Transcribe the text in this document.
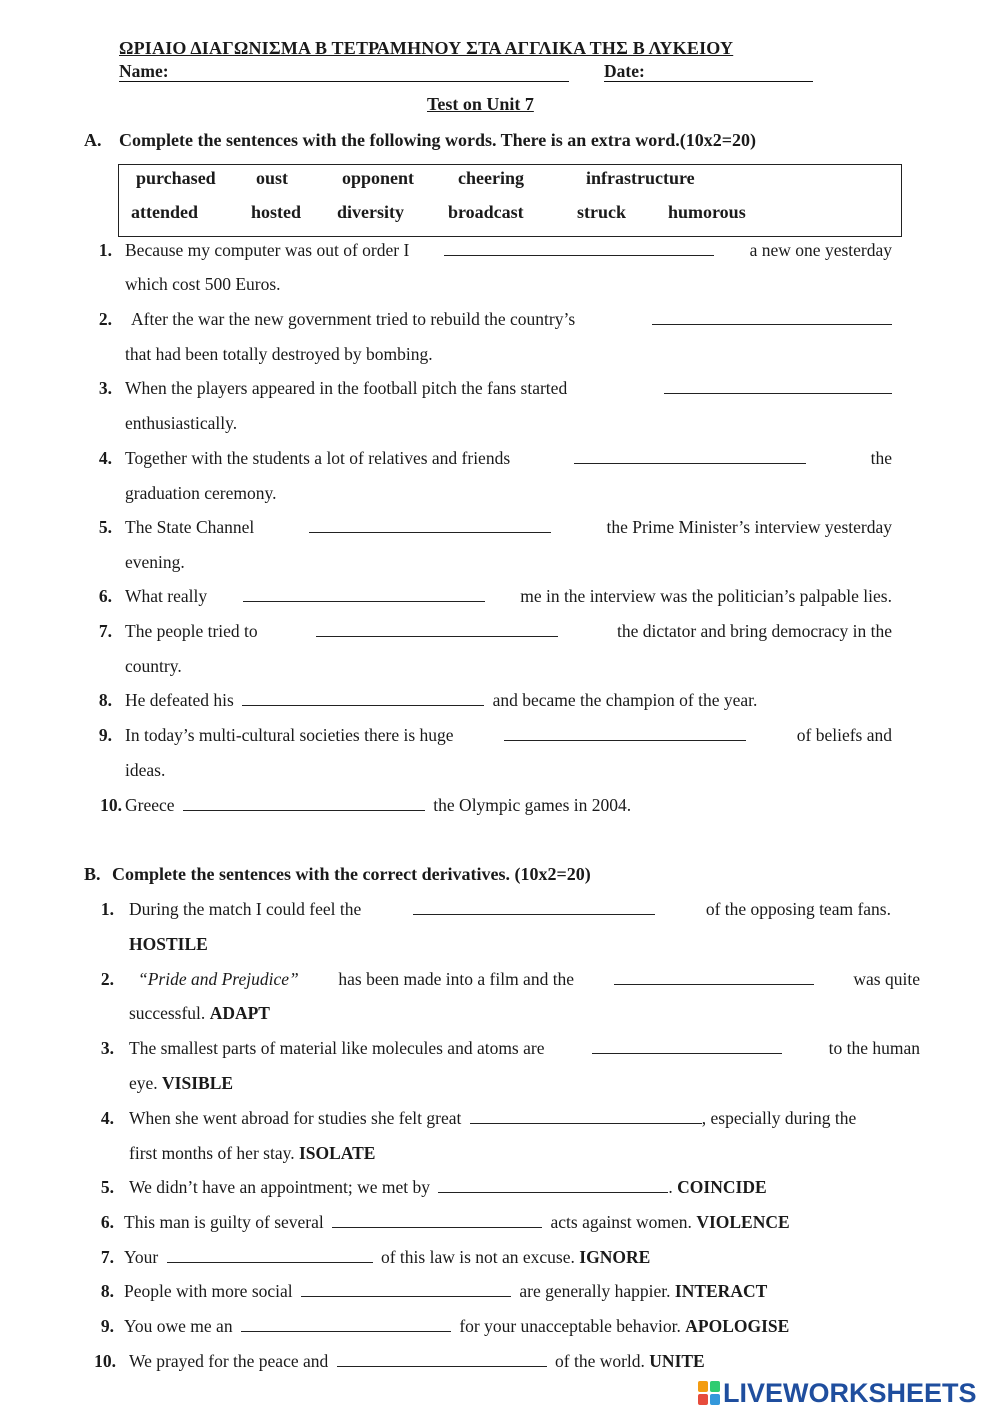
ΩΡΙΑΙΟ ΔΙΑΓΩΝΙΣΜΑ Β ΤΕΤΡΑΜΗΝΟΥ ΣΤΑ ΑΓΓΛΙΚΑ ΤΗΣ Β ΛΥΚΕΙΟΥ
Name:	Date:
Test on Unit 7
A. Complete the sentences with the following words. There is an extra word.(10x2=20)
purchased oust	opponent cheering	infrastructure
attended	hosted diversity broadcast	struck humorous
1. Because my computer was out of order I	a new one yesterday
which cost 500 Euros.
2. After the war the new government tried to rebuild the country’s
that had been totally destroyed by bombing.
3. When the players appeared in the football pitch the fans started
enthusiastically.
4. Together with the students a lot of relatives and friends	the
graduation ceremony.
5. The State Channel	the Prime Minister’s interview yesterday
evening.
6. What really	me in the interview was the politician’s palpable lies.
7. The people tried to	the dictator and bring democracy in the
country.
8. He defeated his	and became the champion of the year.
9. In today’s multi-cultural societies there is huge	of beliefs and
ideas.
10. Greece	the Olympic games in 2004.
B. Complete the sentences with the correct derivatives. (10x2=20)
1. During the match I could feel the	of the opposing team fans.
HOSTILE
2. “Pride and Prejudice” has been made into a film and the	was quite
successful. ADAPT
3. The smallest parts of material like molecules and atoms are	to the human
eye. VISIBLE
4. When she went abroad for studies she felt great	, especially during the
first months of her stay. ISOLATE
5. We didn’t have an appointment; we met by	. COINCIDE
6. This man is guilty of several	acts against women. VIOLENCE
7. Your	of this law is not an excuse. IGNORE
8. People with more social	are generally happier. INTERACT
9. You owe me an	for your unacceptable behavior. APOLOGISE
10. We prayed for the peace and	of the world. UNITE
LIVEWORKSHEETS
